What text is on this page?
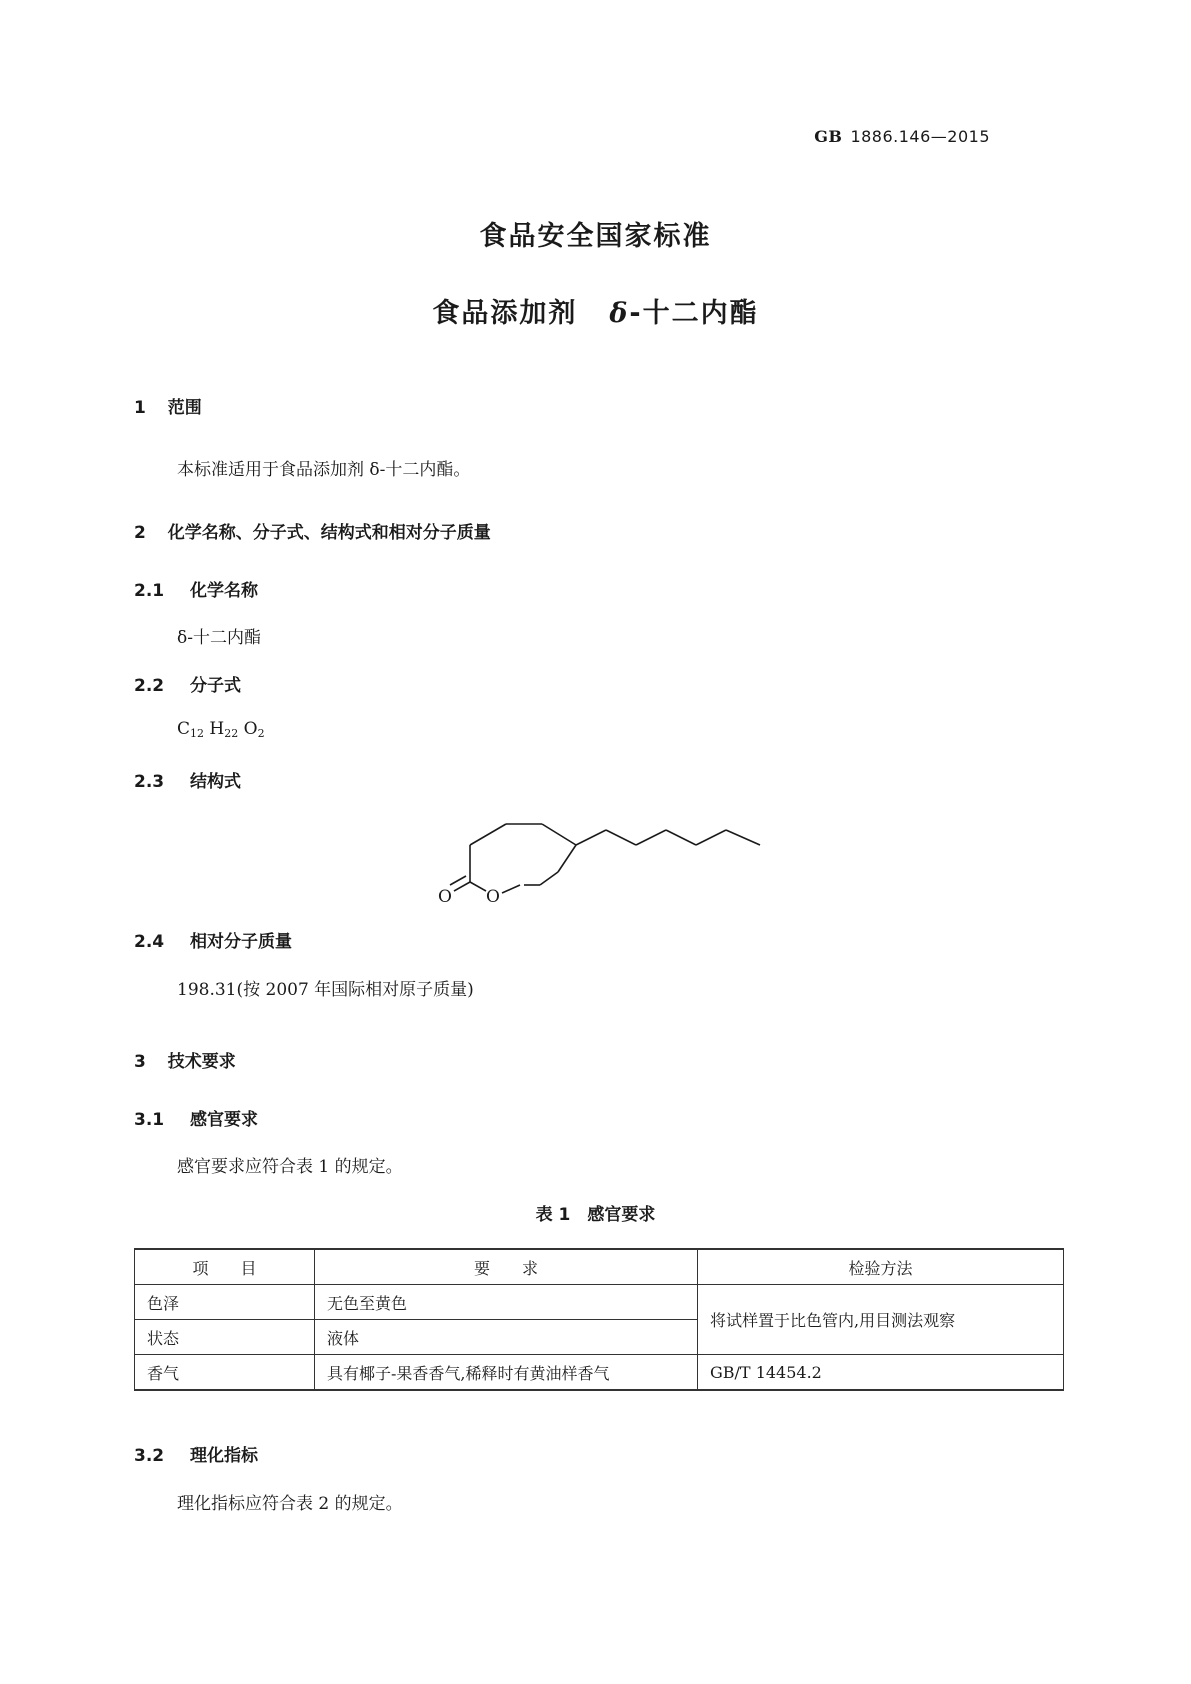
GB 1886.146—2015
食品安全国家标准
食品添加剂 δ-十二内酯
1 范围
本标准适用于食品添加剂 δ-十二内酯。
2 化学名称、分子式、结构式和相对分子质量
2.1 化学名称
δ-十二内酯
2.2 分子式
$C_{12}$ $H_{22}$ $O_2$
2.3 结构式
O O
2.4 相对分子质量
198.31(按 2007 年国际相对原子质量)
3 技术要求
3.1 感官要求
感官要求应符合表 1 的规定。
表 1　感官要求
项　　目	要　　求	检验方法
色泽	无色至黄色	将试样置于比色管内,用目测法观察
状态	液体	
香气	具有椰子-果香香气,稀释时有黄油样香气	GB/T 14454.2
3.2 理化指标
理化指标应符合表 2 的规定。
